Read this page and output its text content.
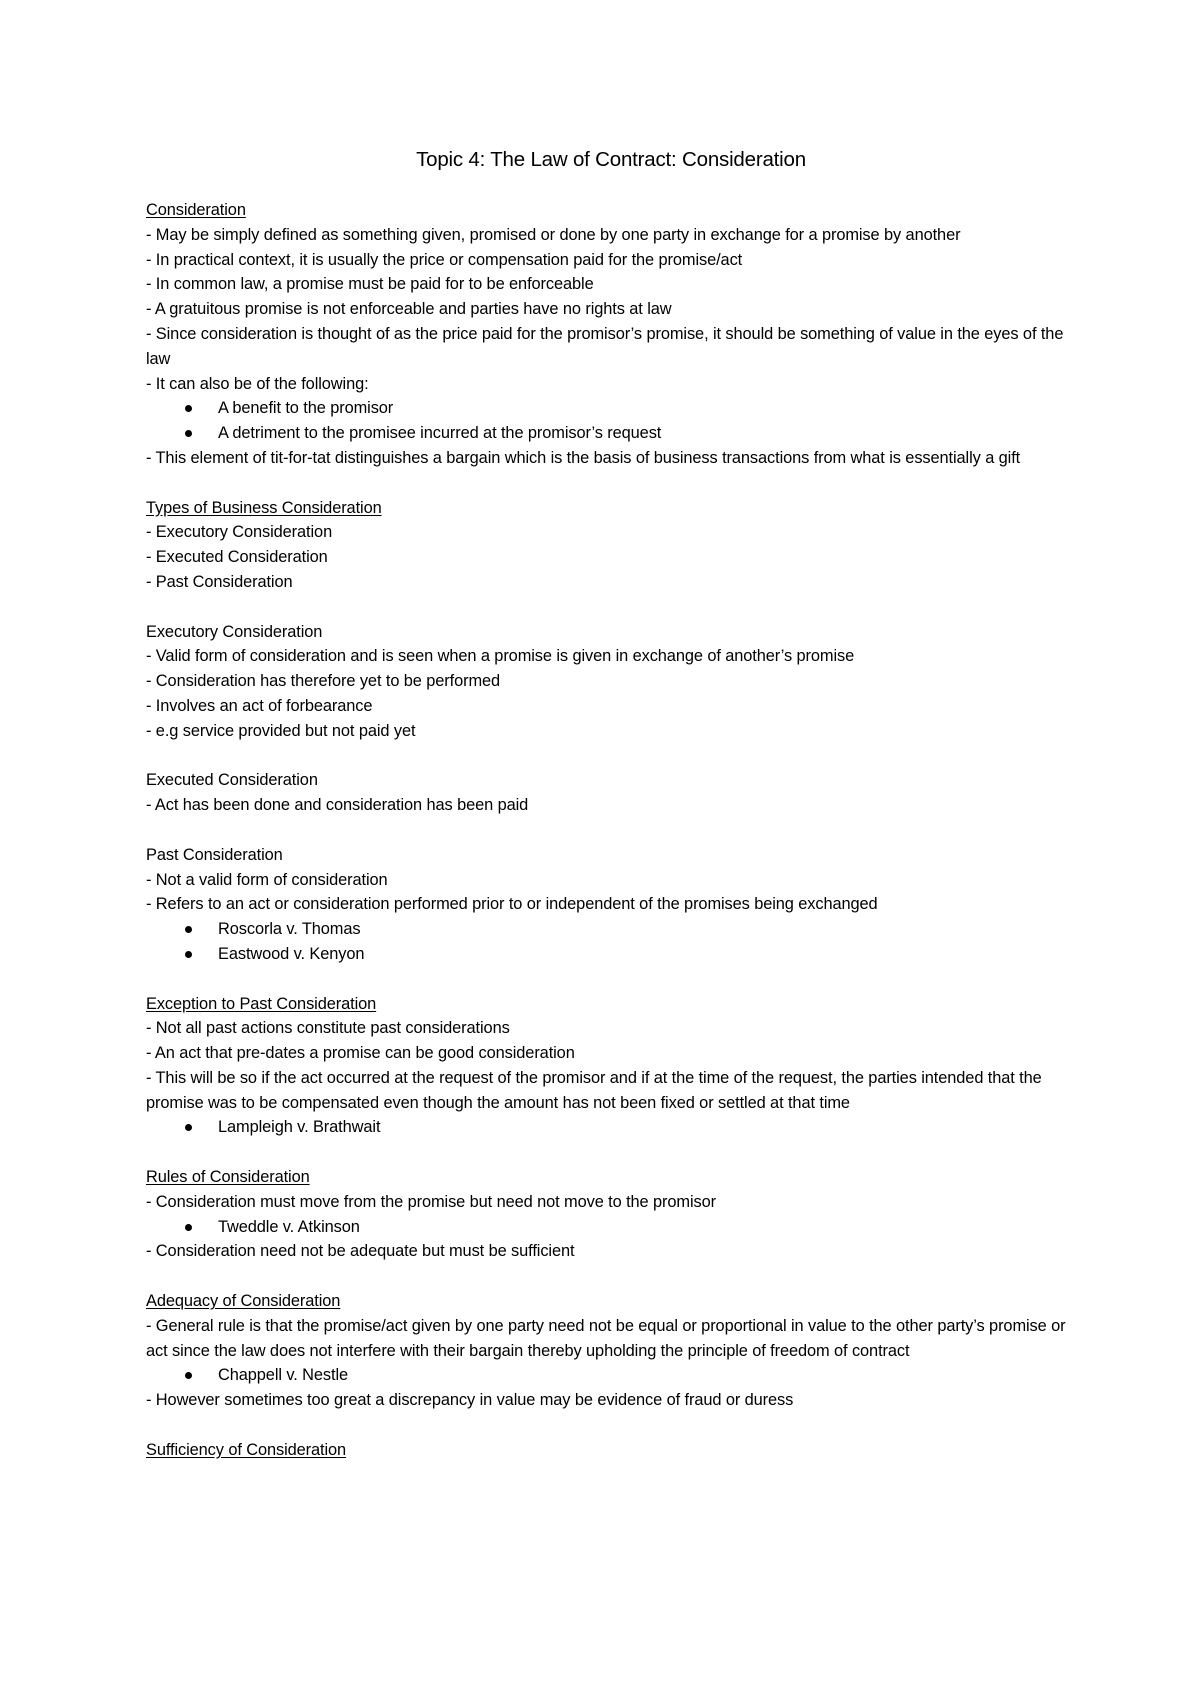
Topic 4: The Law of Contract: Consideration
Consideration
- May be simply defined as something given, promised or done by one party in exchange for a promise by another
- In practical context, it is usually the price or compensation paid for the promise/act
- In common law, a promise must be paid for to be enforceable
- A gratuitous promise is not enforceable and parties have no rights at law
- Since consideration is thought of as the price paid for the promisor’s promise, it should be something of value in the eyes of the law
- It can also be of the following:
A benefit to the promisor
A detriment to the promisee incurred at the promisor’s request
- This element of tit-for-tat distinguishes a bargain which is the basis of business transactions from what is essentially a gift
Types of Business Consideration
- Executory Consideration
- Executed Consideration
- Past Consideration
Executory Consideration
- Valid form of consideration and is seen when a promise is given in exchange of another’s promise
- Consideration has therefore yet to be performed
- Involves an act of forbearance
- e.g service provided but not paid yet
Executed Consideration
- Act has been done and consideration has been paid
Past Consideration
- Not a valid form of consideration
- Refers to an act or consideration performed prior to or independent of the promises being exchanged
Roscorla v. Thomas
Eastwood v. Kenyon
Exception to Past Consideration
- Not all past actions constitute past considerations
- An act that pre-dates a promise can be good consideration
- This will be so if the act occurred at the request of the promisor and if at the time of the request, the parties intended that the promise was to be compensated even though the amount has not been fixed or settled at that time
Lampleigh v. Brathwait
Rules of Consideration
- Consideration must move from the promise but need not move to the promisor
Tweddle v. Atkinson
- Consideration need not be adequate but must be sufficient
Adequacy of Consideration
- General rule is that the promise/act given by one party need not be equal or proportional in value to the other party’s promise or act since the law does not interfere with their bargain thereby upholding the principle of freedom of contract
Chappell v. Nestle
- However sometimes too great a discrepancy in value may be evidence of fraud or duress
Sufficiency of Consideration
